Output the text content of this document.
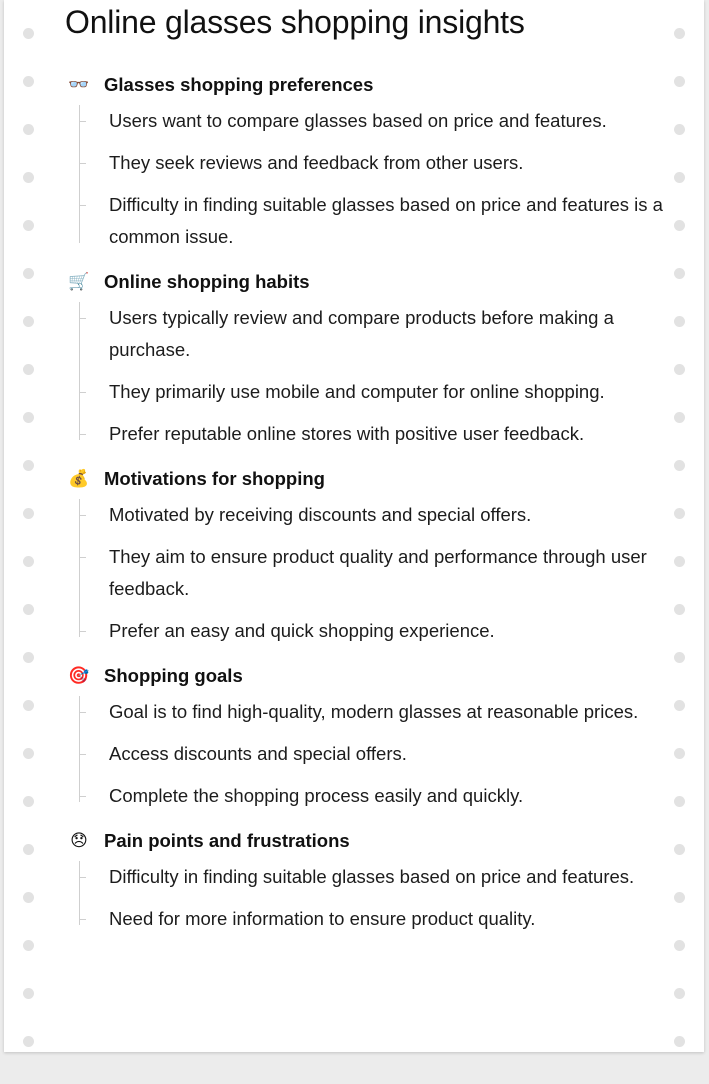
Online glasses shopping insights
👓 Glasses shopping preferences
Users want to compare glasses based on price and features.
They seek reviews and feedback from other users.
Difficulty in finding suitable glasses based on price and features is a common issue.
🛒 Online shopping habits
Users typically review and compare products before making a purchase.
They primarily use mobile and computer for online shopping.
Prefer reputable online stores with positive user feedback.
💰 Motivations for shopping
Motivated by receiving discounts and special offers.
They aim to ensure product quality and performance through user feedback.
Prefer an easy and quick shopping experience.
🎯 Shopping goals
Goal is to find high-quality, modern glasses at reasonable prices.
Access discounts and special offers.
Complete the shopping process easily and quickly.
😞 Pain points and frustrations
Difficulty in finding suitable glasses based on price and features.
Need for more information to ensure product quality.
